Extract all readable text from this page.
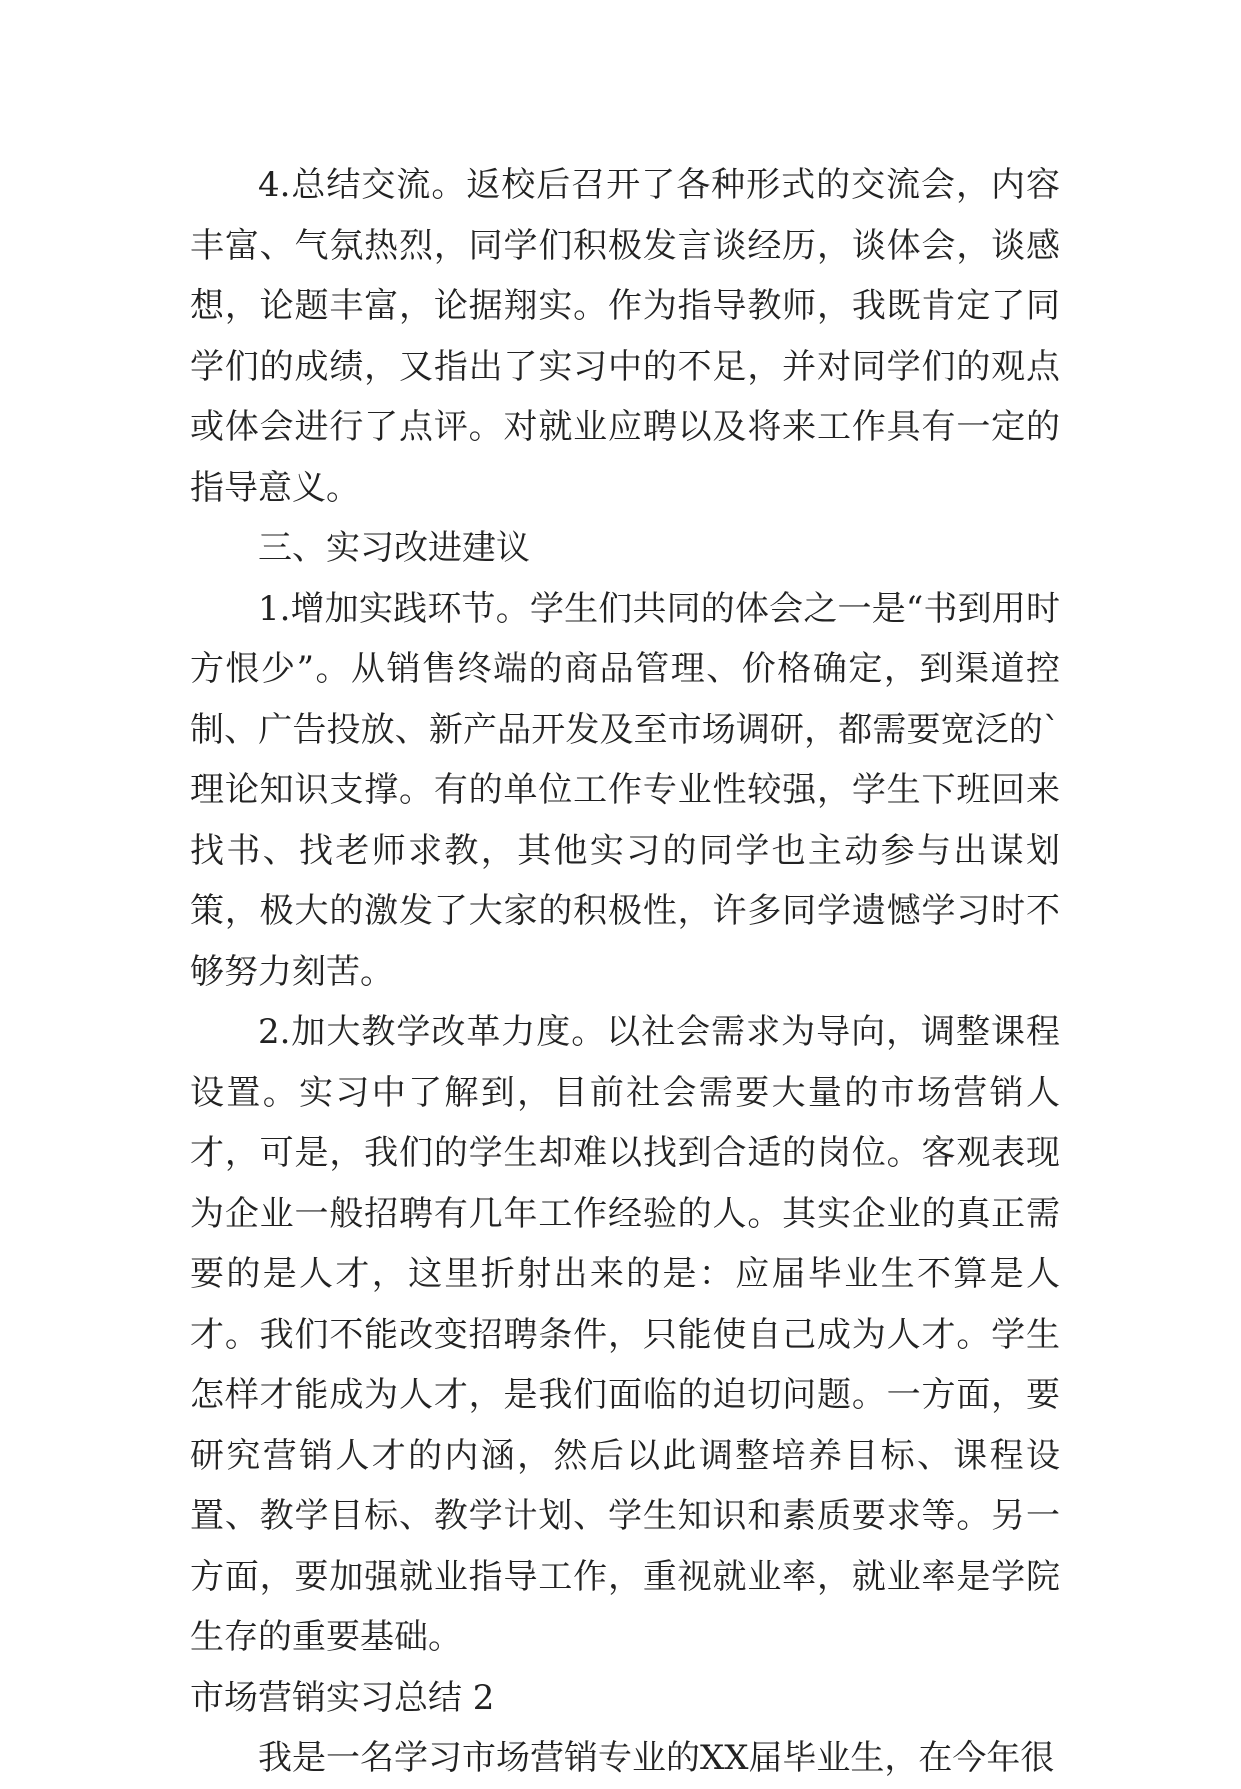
4.总结交流。返校后召开了各种形式的交流会，内容丰富、气氛热烈，同学们积极发言谈经历，谈体会，谈感想，论题丰富，论据翔实。作为指导教师，我既肯定了同学们的成绩，又指出了实习中的不足，并对同学们的观点或体会进行了点评。对就业应聘以及将来工作具有一定的指导意义。

三、实习改进建议

1.增加实践环节。学生们共同的体会之一是“书到用时方恨少”。从销售终端的商品管理、价格确定，到渠道控制、广告投放、新产品开发及至市场调研，都需要宽泛的`理论知识支撑。有的单位工作专业性较强，学生下班回来找书、找老师求教，其他实习的同学也主动参与出谋划策，极大的激发了大家的积极性，许多同学遗憾学习时不够努力刻苦。

2.加大教学改革力度。以社会需求为导向，调整课程设置。实习中了解到，目前社会需要大量的市场营销人才，可是，我们的学生却难以找到合适的岗位。客观表现为企业一般招聘有几年工作经验的人。其实企业的真正需要的是人才，这里折射出来的是：应届毕业生不算是人才。我们不能改变招聘条件，只能使自己成为人才。学生怎样才能成为人才，是我们面临的迫切问题。一方面，要研究营销人才的内涵，然后以此调整培养目标、课程设置、教学目标、教学计划、学生知识和素质要求等。另一方面，要加强就业指导工作，重视就业率，就业率是学院生存的重要基础。

市场营销实习总结 2

我是一名学习市场营销专业的XX届毕业生，在今年很
